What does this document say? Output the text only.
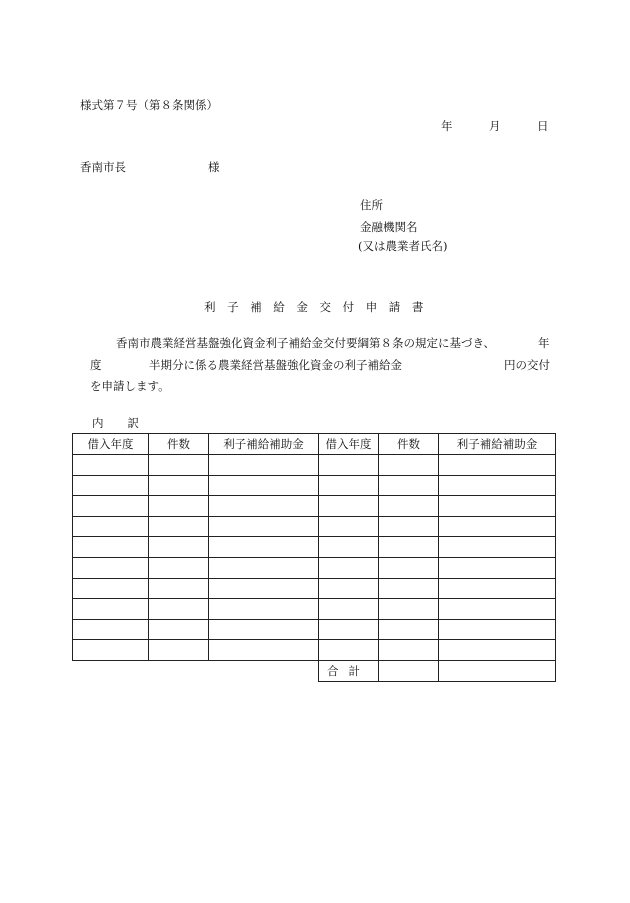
様式第７号（第８条関係）
年	月	日
香南市長	様
住所
金融機関名
(又は農業者氏名)
利子補給金交付申請書
香南市農業経営基盤強化資金利子補給金交付要綱第８条の規定に基づき、	年
度	半期分に係る農業経営基盤強化資金の利子補給金	円の交付
を申請します。
内訳
借入年度	件数	利子補給補助金	借入年度	件数	利子補給補助金

			合計		
